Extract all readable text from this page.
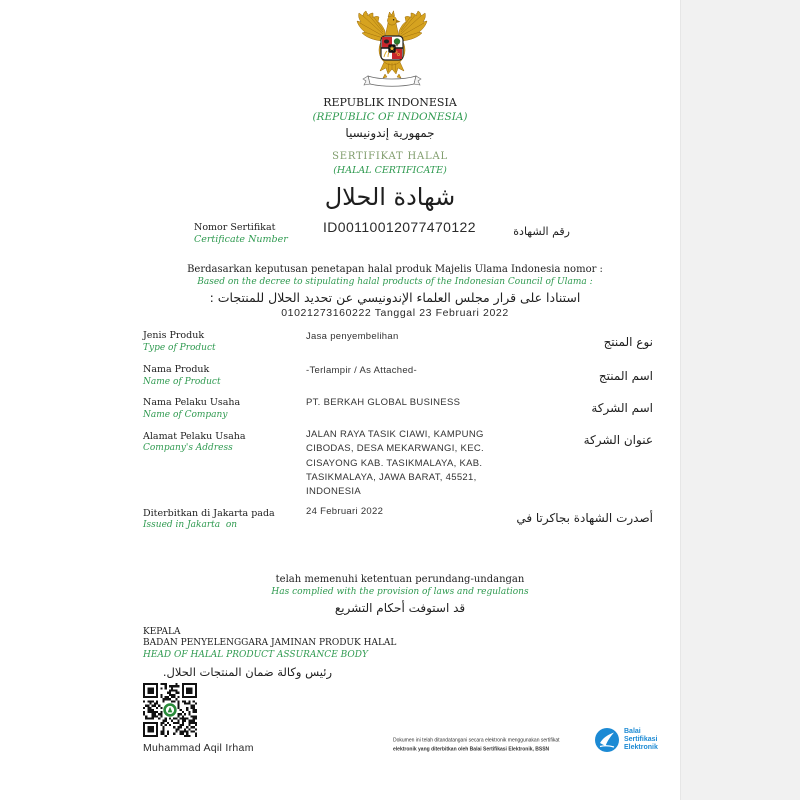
REPUBLIK INDONESIA
(REPUBLIC OF INDONESIA)
جمهورية إندونيسيا
SERTIFIKAT HALAL
(HALAL CERTIFICATE)
شهادة الحلال
Nomor Sertifikat
Certificate Number
ID00110012077470122	رقم الشهادة
Berdasarkan keputusan penetapan halal produk Majelis Ulama Indonesia nomor :
Based on the decree to stipulating halal products of the Indonesian Council of Ulama :
استنادا على قرار مجلس العلماء الإندونيسي عن تحديد الحلال للمنتجات :
01021273160222 Tanggal 23 Februari 2022
Jenis Produk
Type of Product
Jasa penyembelihan	نوع المنتج
Nama Produk
Name of Product
-Terlampir / As Attached-	اسم المنتج
Nama Pelaku Usaha
Name of Company
PT. BERKAH GLOBAL BUSINESS	اسم الشركة
Alamat Pelaku Usaha
Company's Address
JALAN RAYA TASIK CIAWI, KAMPUNG
CIBODAS, DESA MEKARWANGI, KEC.
CISAYONG KAB. TASIKMALAYA, KAB.
TASIKMALAYA, JAWA BARAT, 45521,
INDONESIA
عنوان الشركة
Diterbitkan di Jakarta pada
Issued in Jakarta  on
24 Februari 2022	أصدرت الشهادة بجاكرتا في
telah memenuhi ketentuan perundang-undangan
Has complied with the provision of laws and regulations
قد استوفت أحكام التشريع
KEPALA
BADAN PENYELENGGARA JAMINAN PRODUK HALAL
HEAD OF HALAL PRODUCT ASSURANCE BODY
رئيس وكالة ضمان المنتجات الحلال.
Muhammad Aqil Irham
Dokumen ini telah ditandatangani secara elektronik menggunakan sertifikat
elektronik yang diterbitkan oleh Balai Sertifikasi Elektronik, BSSN
Balai
Sertifikasi
Elektronik
